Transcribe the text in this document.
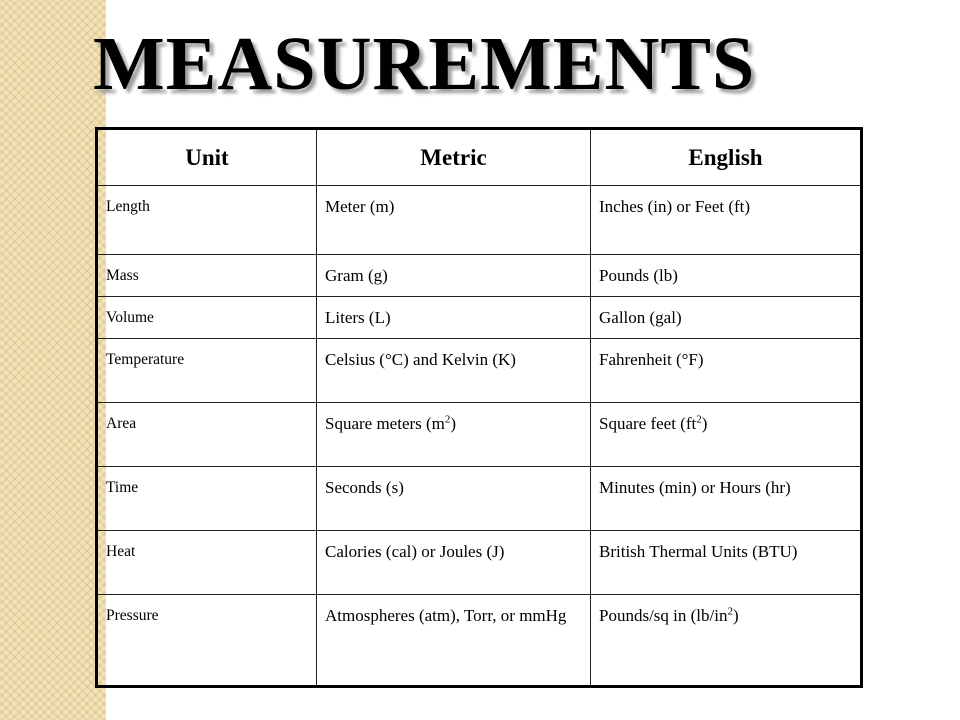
MEASUREMENTS
Unit	Metric	English
Length	Meter (m)	Inches (in) or Feet (ft)
Mass	Gram (g)	Pounds (lb)
Volume	Liters (L)	Gallon (gal)
Temperature	Celsius (°C) and Kelvin (K)	Fahrenheit (°F)
Area	Square meters $(m^2)$	Square feet $(ft^2)$
Time	Seconds (s)	Minutes (min) or Hours (hr)
Heat	Calories (cal) or Joules (J)	British Thermal Units (BTU)
Pressure	Atmospheres (atm), Torr, or mmHg	Pounds/sq in $(lb/in^2)$
